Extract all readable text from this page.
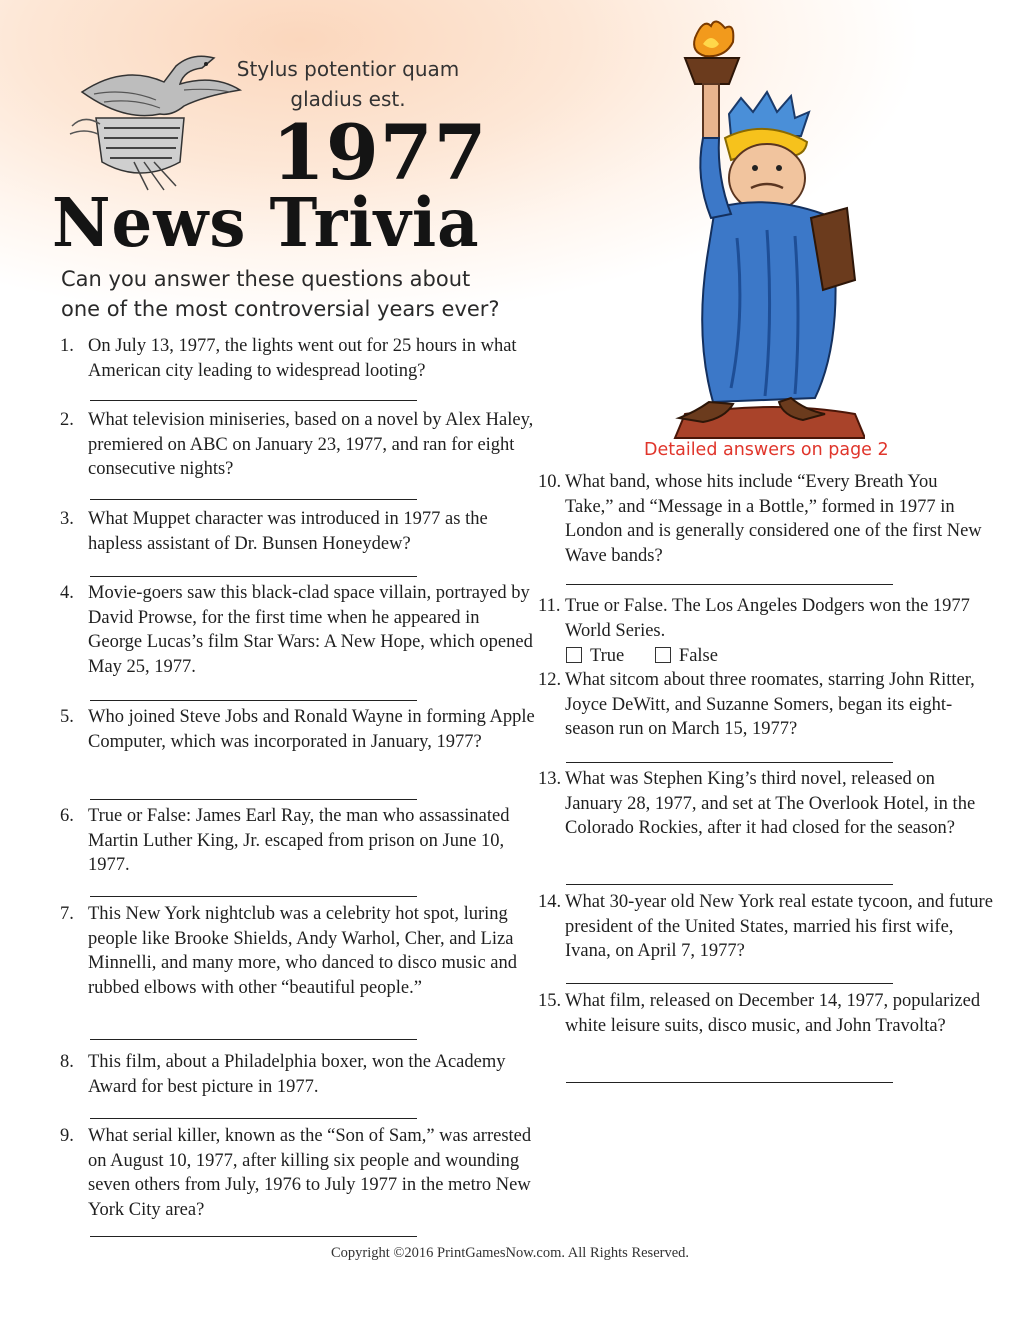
Stylus potentior quam
gladius est.
1977
News Trivia
Can you answer these questions about
one of the most controversial years ever?
Detailed answers on page 2
1. On July 13, 1977, the lights went out for 25 hours in what American city leading to widespread looting?
2. What television miniseries, based on a novel by Alex Haley, premiered on ABC on January 23, 1977, and ran for eight consecutive nights?
3. What Muppet character was introduced in 1977 as the hapless assistant of Dr. Bunsen Honeydew?
4. Movie-goers saw this black-clad space villain, portrayed by David Prowse, for the first time when he appeared in George Lucas’s film Star Wars: A New Hope, which opened May 25, 1977.
5. Who joined Steve Jobs and Ronald Wayne in forming Apple Computer, which was incorporated in January, 1977?
6. True or False: James Earl Ray, the man who assassinated Martin Luther King, Jr. escaped from prison on June 10, 1977.
7. This New York nightclub was a celebrity hot spot, luring people like Brooke Shields, Andy Warhol, Cher, and Liza Minnelli, and many more, who danced to disco music and rubbed elbows with other “beautiful people.”
8. This film, about a Philadelphia boxer, won the Academy Award for best picture in 1977.
9. What serial killer, known as the “Son of Sam,” was arrested on August 10, 1977, after killing six people and wounding seven others from July, 1976 to July 1977 in the metro New York City area?
10. What band, whose hits include “Every Breath You Take,” and “Message in a Bottle,” formed in 1977 in London and is generally considered one of the first New Wave bands?
11. True or False. The Los Angeles Dodgers won the 1977 World Series.
True	False
12. What sitcom about three roomates, starring John Ritter, Joyce DeWitt, and Suzanne Somers, began its eight-season run on March 15, 1977?
13. What was Stephen King’s third novel, released on January 28, 1977, and set at The Overlook Hotel, in the Colorado Rockies, after it had closed for the season?
14. What 30-year old New York real estate tycoon, and future president of the United States, married his first wife, Ivana, on April 7, 1977?
15. What film, released on December 14, 1977, popularized white leisure suits, disco music, and John Travolta?
Copyright ©2016 PrintGamesNow.com. All Rights Reserved.
